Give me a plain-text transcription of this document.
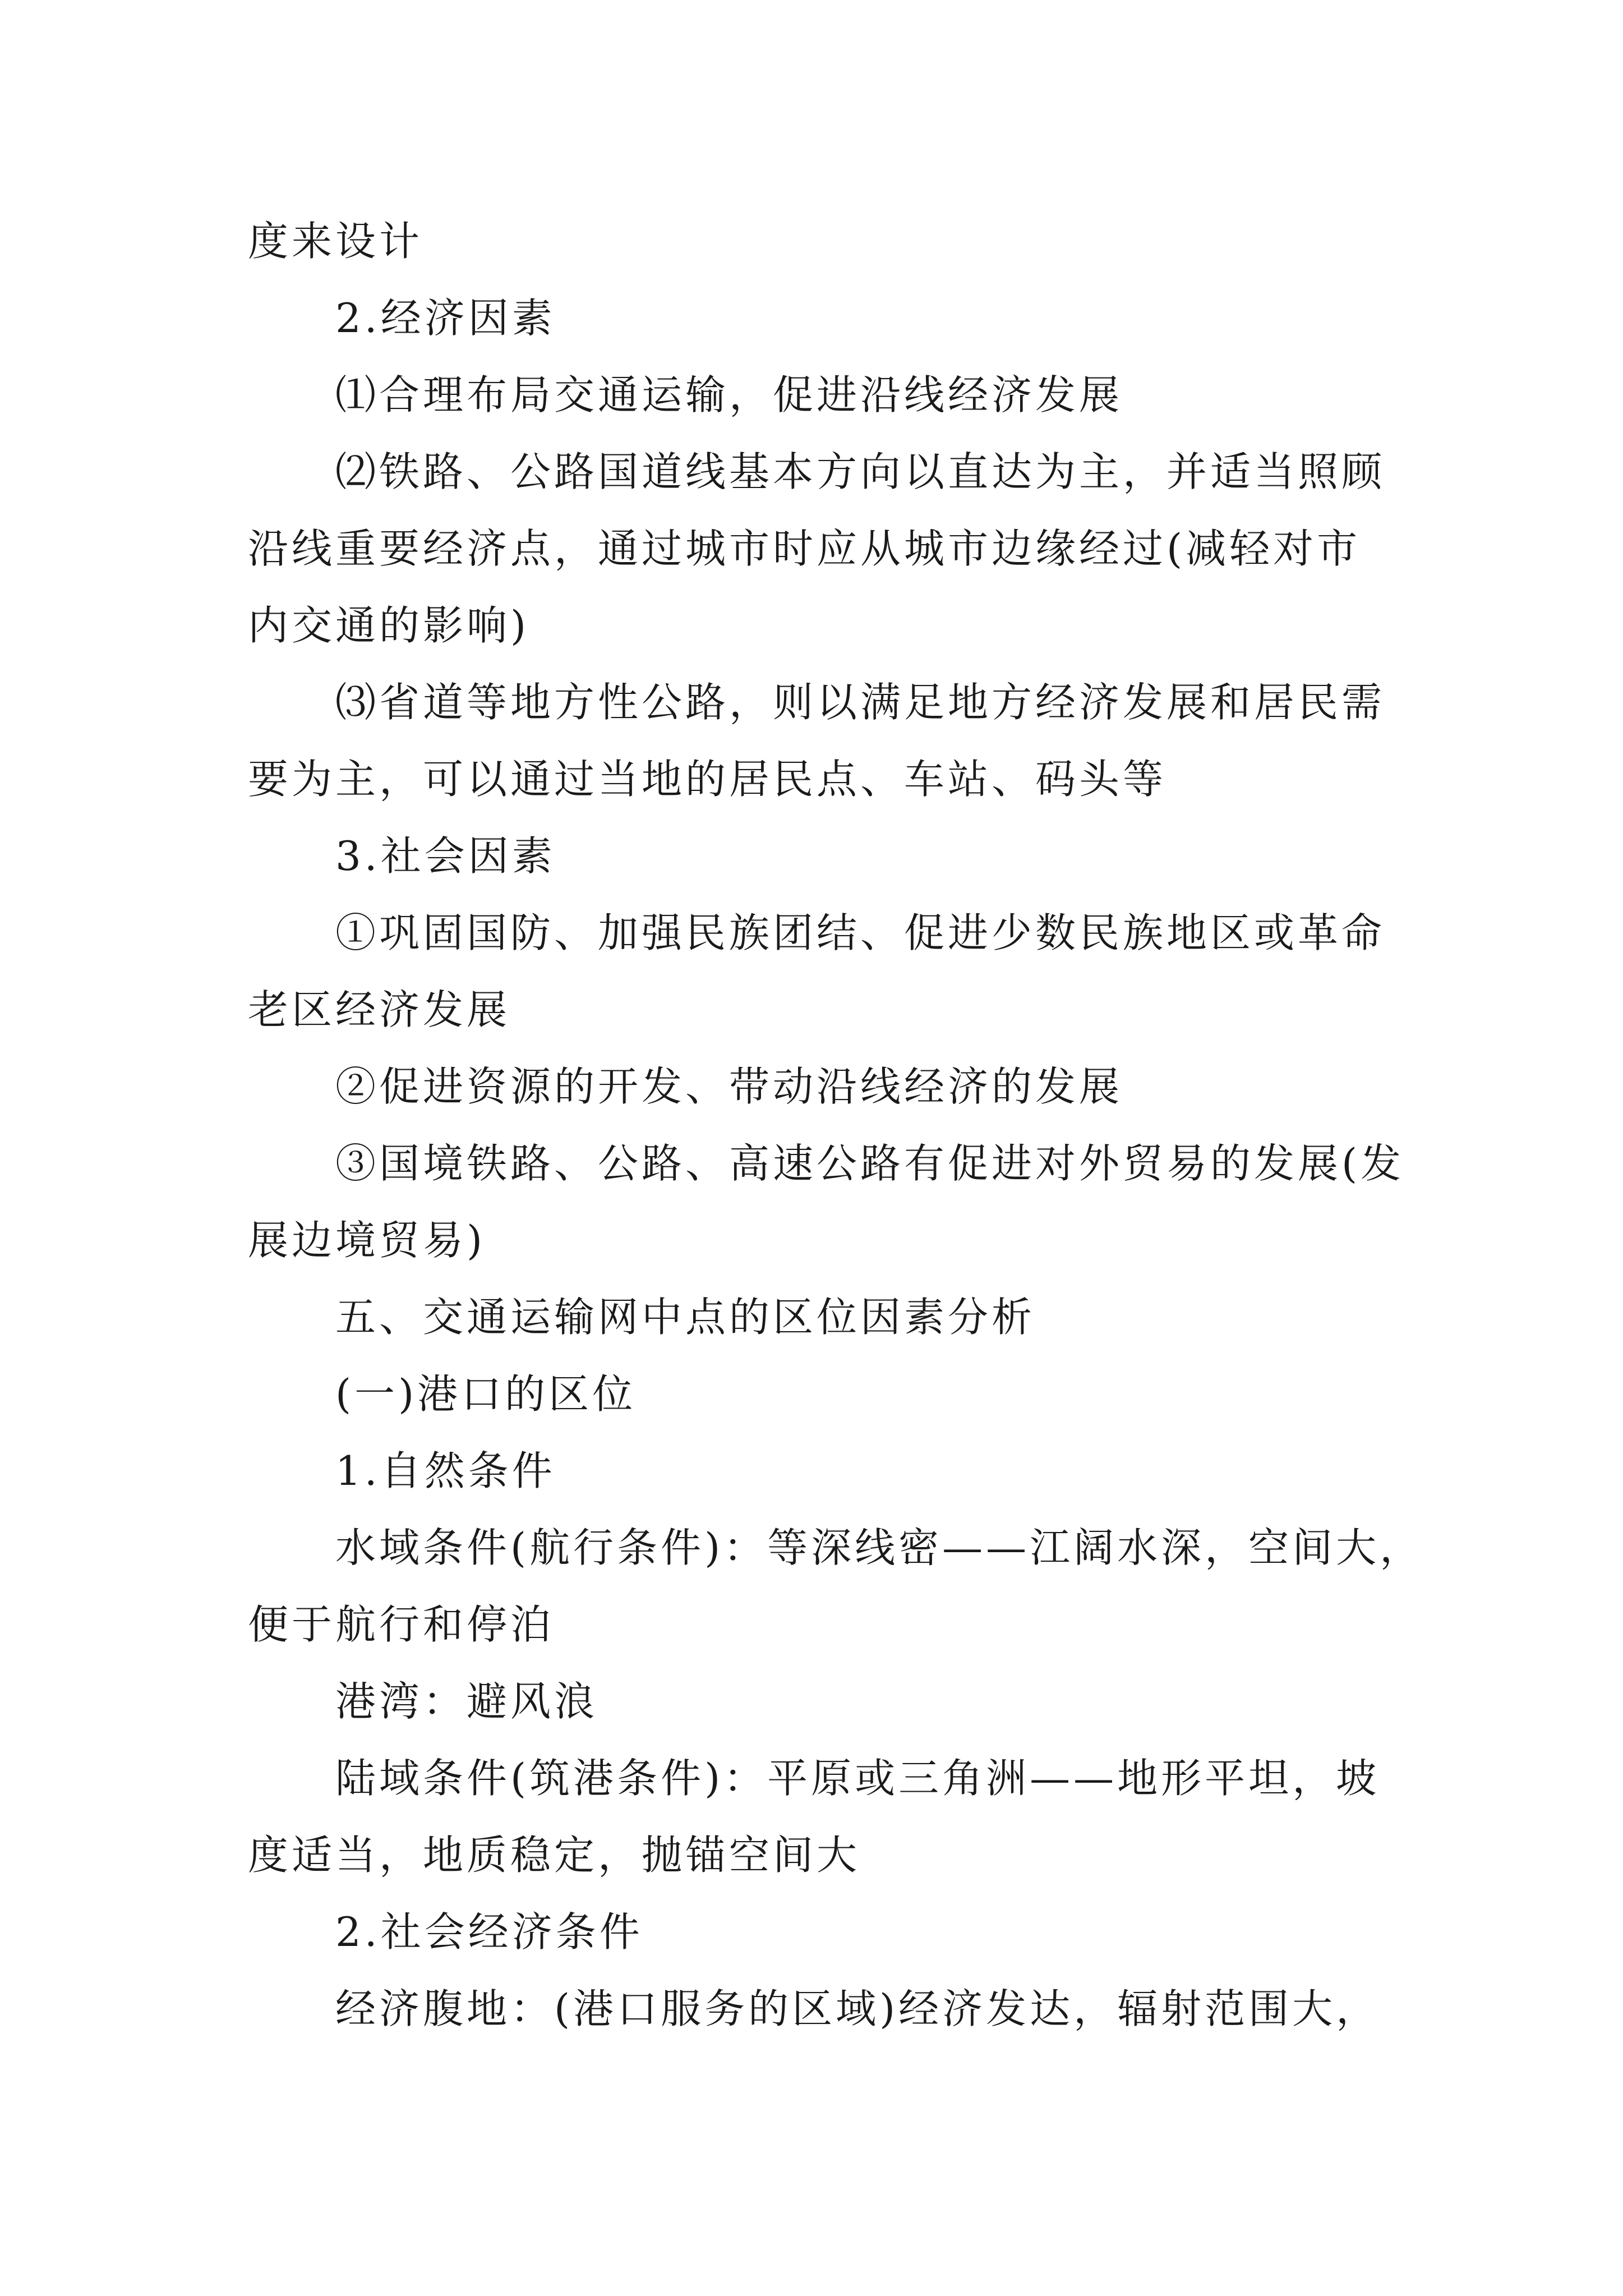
度来设计

2.经济因素

⑴合理布局交通运输，促进沿线经济发展

⑵铁路、公路国道线基本方向以直达为主，并适当照顾

沿线重要经济点，通过城市时应从城市边缘经过(减轻对市

内交通的影响)

⑶省道等地方性公路，则以满足地方经济发展和居民需

要为主，可以通过当地的居民点、车站、码头等

3.社会因素

①巩固国防、加强民族团结、促进少数民族地区或革命

老区经济发展

②促进资源的开发、带动沿线经济的发展

③国境铁路、公路、高速公路有促进对外贸易的发展(发

展边境贸易)

五、交通运输网中点的区位因素分析

(一)港口的区位

1.自然条件

水域条件(航行条件)：等深线密——江阔水深，空间大，

便于航行和停泊

港湾：避风浪

陆域条件(筑港条件)：平原或三角洲——地形平坦，坡

度适当，地质稳定，抛锚空间大

2.社会经济条件

经济腹地：(港口服务的区域)经济发达，辐射范围大，
